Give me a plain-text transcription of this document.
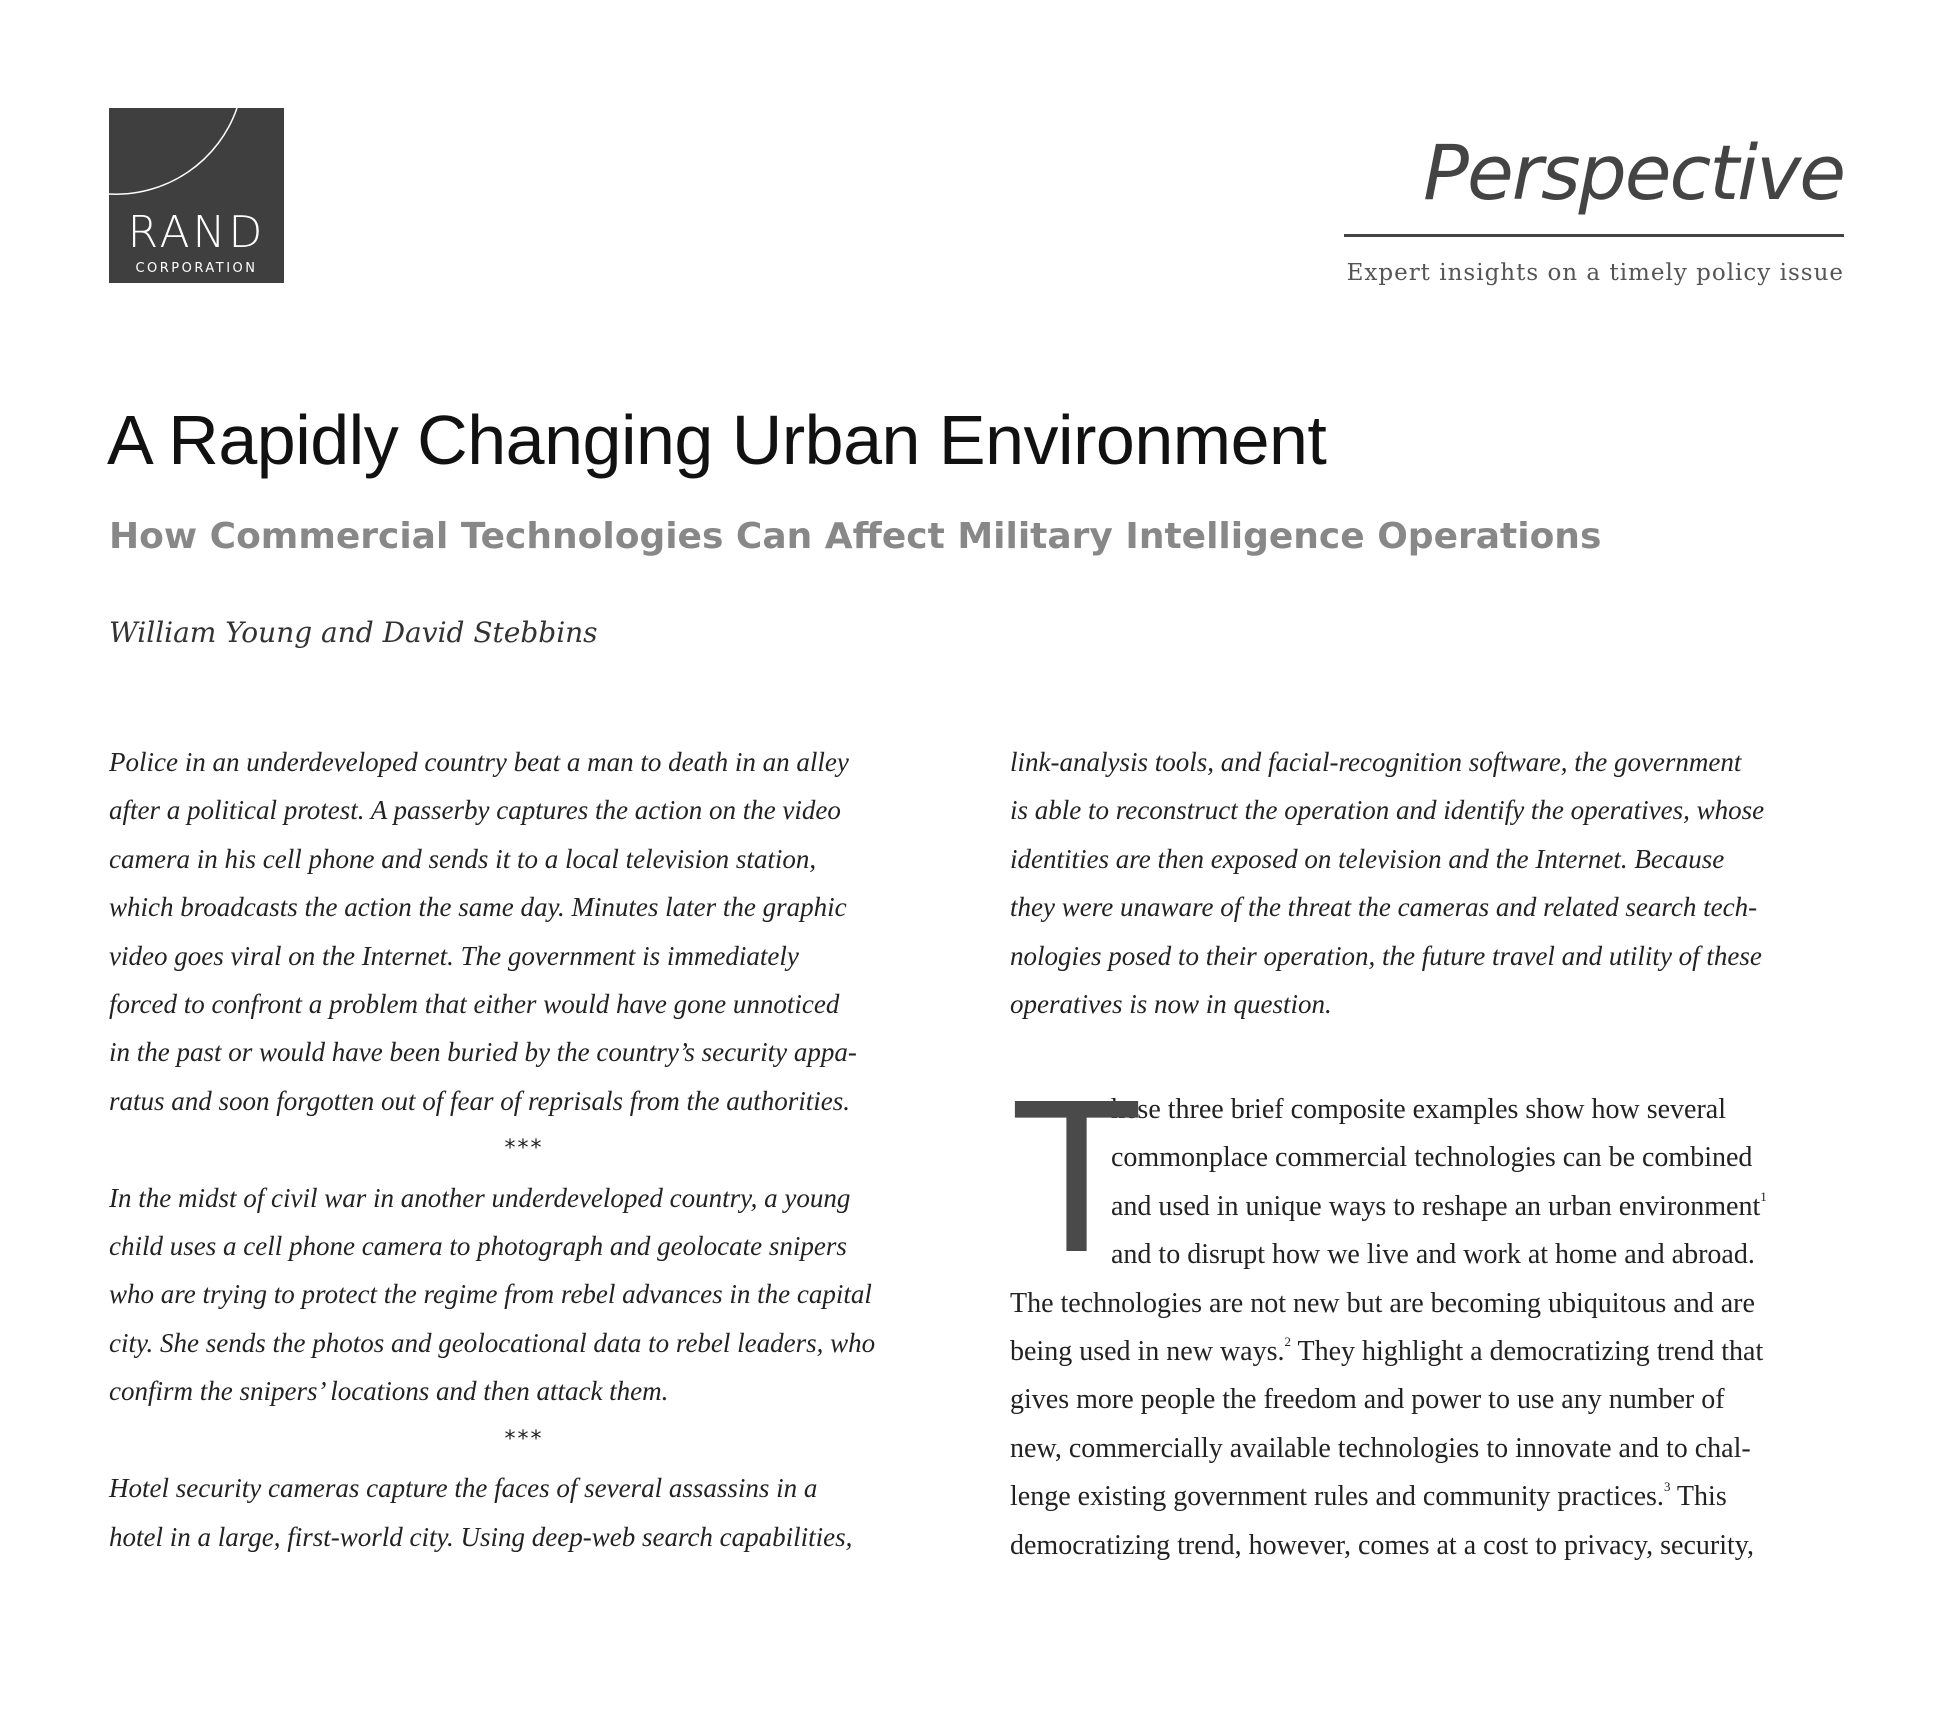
RAND
CORPORATION
Perspective
Expert insights on a timely policy issue
A Rapidly Changing Urban Environment
How Commercial Technologies Can Affect Military Intelligence Operations
William Young and David Stebbins

Police in an underdeveloped country beat a man to death in an alley
after a political protest. A passerby captures the action on the video
camera in his cell phone and sends it to a local television station,
which broadcasts the action the same day. Minutes later the graphic
video goes viral on the Internet. The government is immediately
forced to confront a problem that either would have gone unnoticed
in the past or would have been buried by the country’s security appa-
ratus and soon forgotten out of fear of reprisals from the authorities.

***

In the midst of civil war in another underdeveloped country, a young
child uses a cell phone camera to photograph and geolocate snipers
who are trying to protect the regime from rebel advances in the capital
city. She sends the photos and geolocational data to rebel leaders, who
confirm the snipers’ locations and then attack them.

***

Hotel security cameras capture the faces of several assassins in a
hotel in a large, first-world city. Using deep-web search capabilities,

link-analysis tools, and facial-recognition software, the government
is able to reconstruct the operation and identify the operatives, whose
identities are then exposed on television and the Internet. Because
they were unaware of the threat the cameras and related search tech-
nologies posed to their operation, the future travel and utility of these
operatives is now in question.

T
hese three brief composite examples show how several
commonplace commercial technologies can be combined
and used in unique ways to reshape an urban environment$^1$
and to disrupt how we live and work at home and abroad.
The technologies are not new but are becoming ubiquitous and are
being used in new ways.$^2$ They highlight a democratizing trend that
gives more people the freedom and power to use any number of
new, commercially available technologies to innovate and to chal-
lenge existing government rules and community practices.$^3$ This
democratizing trend, however, comes at a cost to privacy, security,
